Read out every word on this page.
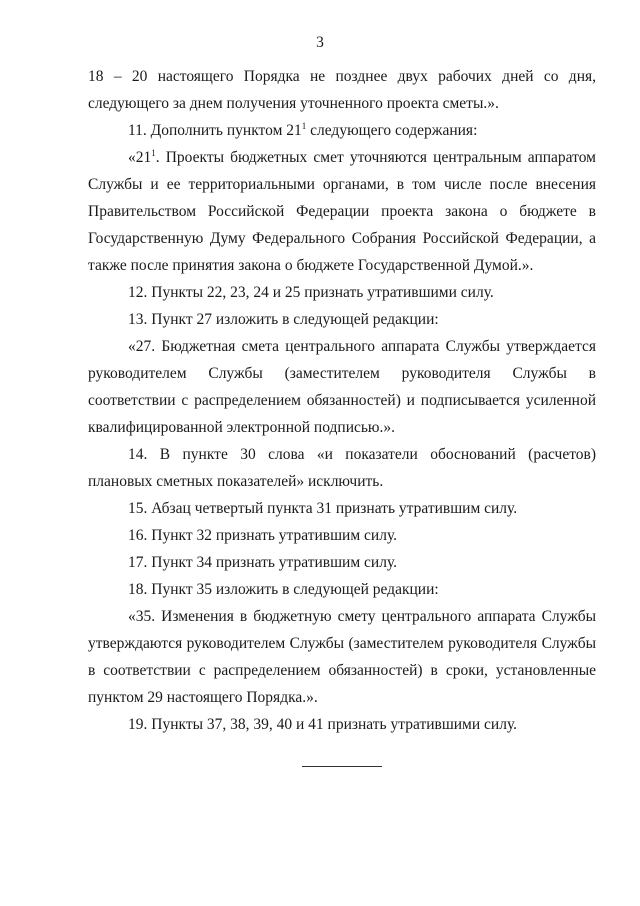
3

18 – 20 настоящего Порядка не позднее двух рабочих дней со дня, следующего за днем получения уточненного проекта сметы.».

11. Дополнить пунктом $21^1$ следующего содержания:

«$21^1$. Проекты бюджетных смет уточняются центральным аппаратом Службы и ее территориальными органами, в том числе после внесения Правительством Российской Федерации проекта закона о бюджете в Государственную Думу Федерального Собрания Российской Федерации, а также после принятия закона о бюджете Государственной Думой.».

12. Пункты 22, 23, 24 и 25 признать утратившими силу.

13. Пункт 27 изложить в следующей редакции:

«27. Бюджетная смета центрального аппарата Службы утверждается руководителем Службы (заместителем руководителя Службы в соответствии с распределением обязанностей) и подписывается усиленной квалифицированной электронной подписью.».

14. В пункте 30 слова «и показатели обоснований (расчетов) плановых сметных показателей» исключить.

15. Абзац четвертый пункта 31 признать утратившим силу.

16. Пункт 32 признать утратившим силу.

17. Пункт 34 признать утратившим силу.

18. Пункт 35 изложить в следующей редакции:

«35. Изменения в бюджетную смету центрального аппарата Службы утверждаются руководителем Службы (заместителем руководителя Службы в соответствии с распределением обязанностей) в сроки, установленные пунктом 29 настоящего Порядка.».

19. Пункты 37, 38, 39, 40 и 41 признать утратившими силу.
